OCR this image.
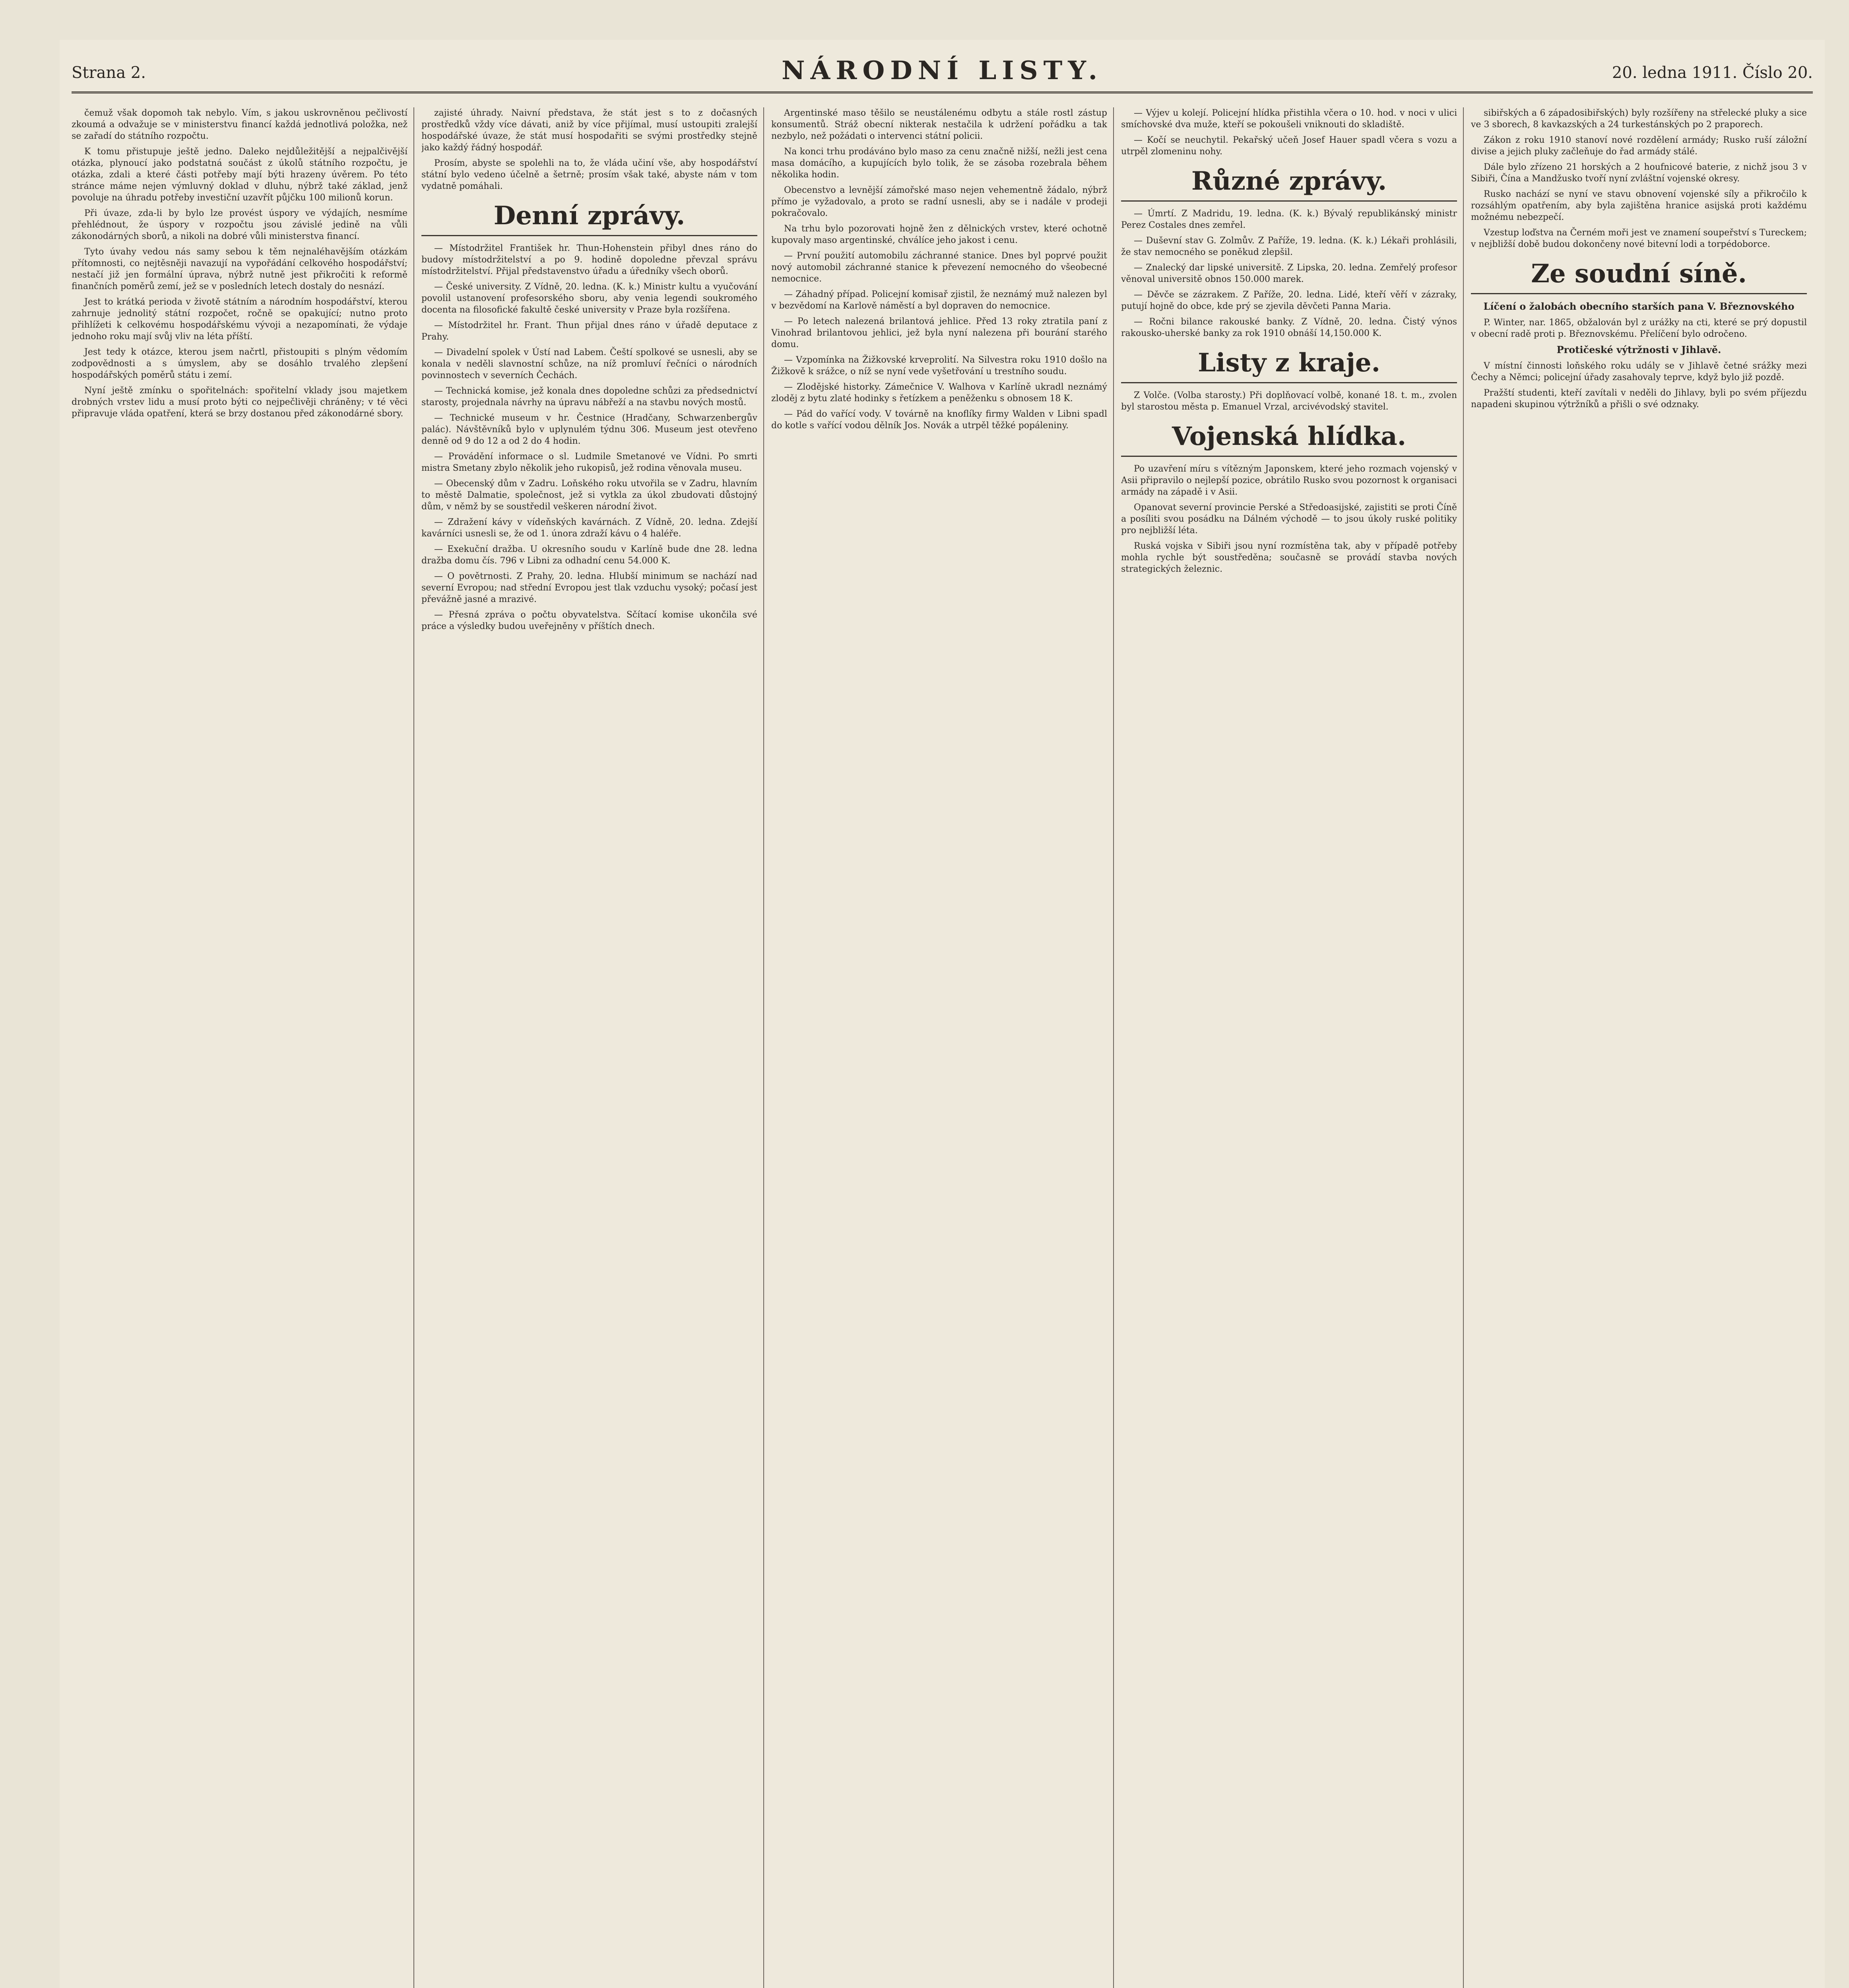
Strana 2.	NÁRODNÍ LISTY.	20. ledna 1911. Číslo 20.

čemuž však dopomoh tak nebylo. Vím, s jakou uskrovněnou pečlivostí zkoumá a odvažuje se v ministerstvu financí každá jednotlivá položka, než se zařadí do státního rozpočtu.

K tomu přistupuje ještě jedno. Daleko nejdůležitější a nejpalčivější otázka, plynoucí jako podstatná součást z úkolů státního rozpočtu, je otázka, zdali a které části potřeby mají býti hrazeny úvěrem. Po této stránce máme nejen výmluvný doklad v dluhu, nýbrž také základ, jenž povoluje na úhradu potřeby investiční uzavřít půjčku 100 milionů korun.

Při úvaze, zda-li by bylo lze provést úspory ve výdajích, nesmíme přehlédnout, že úspory v rozpočtu jsou závislé jedině na vůli zákonodárných sborů, a nikoli na dobré vůli ministerstva financí.

Tyto úvahy vedou nás samy sebou k těm nejnaléhavějším otázkám přítomnosti, co nejtěsněji navazují na vypořádání celkového hospodářství; nestačí již jen formální úprava, nýbrž nutně jest přikročiti k reformě finančních poměrů zemí, jež se v posledních letech dostaly do nesnází.

Jest to krátká perioda v životě státním a národním hospodářství, kterou zahrnuje jednolitý státní rozpočet, ročně se opakující; nutno proto přihlížeti k celkovému hospodářskému vývoji a nezapomínati, že výdaje jednoho roku mají svůj vliv na léta příští.

Jest tedy k otázce, kterou jsem načrtl, přistoupiti s plným vědomím zodpovědnosti a s úmyslem, aby se dosáhlo trvalého zlepšení hospodářských poměrů státu i zemí.

Nyní ještě zmínku o spořitelnách: spořitelní vklady jsou majetkem drobných vrstev lidu a musí proto býti co nejpečlivěji chráněny; v té věci připravuje vláda opatření, která se brzy dostanou před zákonodárné sbory.

zajisté úhrady. Naivní představa, že stát jest s to z dočasných prostředků vždy více dávati, aniž by více přijímal, musí ustoupiti zralejší hospodářské úvaze, že stát musí hospodařiti se svými prostředky stejně jako každý řádný hospodář.

Prosím, abyste se spolehli na to, že vláda učiní vše, aby hospodářství státní bylo vedeno účelně a šetrně; prosím však také, abyste nám v tom vydatně pomáhali.

Denní zprávy.

— Místodržitel František hr. Thun-Hohenstein přibyl dnes ráno do budovy místodržitelství a po 9. hodině dopoledne převzal správu místodržitelství. Přijal představenstvo úřadu a úředníky všech oborů.

— České university. Z Vídně, 20. ledna. (K. k.) Ministr kultu a vyučování povolil ustanovení profesorského sboru, aby venia legendi soukromého docenta na filosofické fakultě české university v Praze byla rozšířena.

— Místodržitel hr. Frant. Thun přijal dnes ráno v úřadě deputace z Prahy.

— Divadelní spolek v Ústí nad Labem. Čeští spolkové se usnesli, aby se konala v neděli slavnostní schůze, na níž promluví řečníci o národních povinnostech v severních Čechách.

— Technická komise, jež konala dnes dopoledne schůzi za předsednictví starosty, projednala návrhy na úpravu nábřeží a na stavbu nových mostů.

— Technické museum v hr. Čestnice (Hradčany, Schwarzenbergův palác). Návštěvníků bylo v uplynulém týdnu 306. Museum jest otevřeno denně od 9 do 12 a od 2 do 4 hodin.

— Provádění informace o sl. Ludmile Smetanové ve Vídni. Po smrti mistra Smetany zbylo několik jeho rukopisů, jež rodina věnovala museu.

— Obecenský dům v Zadru. Loňského roku utvořila se v Zadru, hlavním to městě Dalmatie, společnost, jež si vytkla za úkol zbudovati důstojný dům, v němž by se soustředil veškeren národní život.

— Zdražení kávy v vídeňských kavárnách. Z Vídně, 20. ledna. Zdejší kavárníci usnesli se, že od 1. února zdraží kávu o 4 haléře.

— Exekuční dražba. U okresního soudu v Karlíně bude dne 28. ledna dražba domu čís. 796 v Libni za odhadní cenu 54.000 K.

— O povětrnosti. Z Prahy, 20. ledna. Hlubší minimum se nachází nad severní Evropou; nad střední Evropou jest tlak vzduchu vysoký; počasí jest převážně jasné a mrazivé.

— Přesná zpráva o počtu obyvatelstva. Sčítací komise ukončila své práce a výsledky budou uveřejněny v příštích dnech.

Argentinské maso těšilo se neustálenému odbytu a stále rostl zástup konsumentů. Stráž obecní nikterak nestačila k udržení pořádku a tak nezbylo, než požádati o intervenci státní policii.

Na konci trhu prodáváno bylo maso za cenu značně nižší, nežli jest cena masa domácího, a kupujících bylo tolik, že se zásoba rozebrala během několika hodin.

Obecenstvo a levnější zámořské maso nejen vehementně žádalo, nýbrž přímo je vyžadovalo, a proto se radní usnesli, aby se i nadále v prodeji pokračovalo.

Na trhu bylo pozorovati hojně žen z dělnických vrstev, které ochotně kupovaly maso argentinské, chválíce jeho jakost i cenu.

— První použití automobilu záchranné stanice. Dnes byl poprvé použit nový automobil záchranné stanice k převezení nemocného do všeobecné nemocnice.

— Záhadný případ. Policejní komisař zjistil, že neznámý muž nalezen byl v bezvědomí na Karlově náměstí a byl dopraven do nemocnice.

— Po letech nalezená brilantová jehlice. Před 13 roky ztratila paní z Vinohrad brilantovou jehlici, jež byla nyní nalezena při bourání starého domu.

— Vzpomínka na Žižkovské krveprolití. Na Silvestra roku 1910 došlo na Žižkově k srážce, o níž se nyní vede vyšetřování u trestního soudu.

— Zlodějské historky. Zámečnice V. Walhova v Karlíně ukradl neznámý zloděj z bytu zlaté hodinky s řetízkem a peněženku s obnosem 18 K.

— Pád do vařící vody. V továrně na knoflíky firmy Walden v Libni spadl do kotle s vařící vodou dělník Jos. Novák a utrpěl těžké popáleniny.

— Výjev u kolejí. Policejní hlídka přistihla včera o 10. hod. v noci v ulici smíchovské dva muže, kteří se pokoušeli vniknouti do skladiště.

— Kočí se neuchytil. Pekařský učeň Josef Hauer spadl včera s vozu a utrpěl zlomeninu nohy.

Různé zprávy.

— Úmrtí. Z Madridu, 19. ledna. (K. k.) Bývalý republikánský ministr Perez Costales dnes zemřel.

— Duševní stav G. Zolmův. Z Paříže, 19. ledna. (K. k.) Lékaři prohlásili, že stav nemocného se poněkud zlepšil.

— Znalecký dar lipské universitě. Z Lipska, 20. ledna. Zemřelý profesor věnoval universitě obnos 150.000 marek.

— Děvče se zázrakem. Z Paříže, 20. ledna. Lidé, kteří věří v zázraky, putují hojně do obce, kde prý se zjevila děvčeti Panna Maria.

— Ročni bilance rakouské banky. Z Vídně, 20. ledna. Čistý výnos rakousko-uherské banky za rok 1910 obnáší 14,150.000 K.

Listy z kraje.

Z Volče. (Volba starosty.) Při doplňovací volbě, konané 18. t. m., zvolen byl starostou města p. Emanuel Vrzal, arcivévodský stavitel.

Vojenská hlídka.

Po uzavření míru s vítězným Japonskem, které jeho rozmach vojenský v Asii připravilo o nejlepší pozice, obrátilo Rusko svou pozornost k organisaci armády na západě i v Asii.

Opanovat severní provincie Perské a Středoasijské, zajistiti se proti Číně a posíliti svou posádku na Dálném východě — to jsou úkoly ruské politiky pro nejbližší léta.

Ruská vojska v Sibiři jsou nyní rozmístěna tak, aby v případě potřeby mohla rychle být soustředěna; současně se provádí stavba nových strategických železnic.

sibiřských a 6 západosibiřských) byly rozšířeny na střelecké pluky a sice ve 3 sborech, 8 kavkazských a 24 turkestánských po 2 praporech.

Zákon z roku 1910 stanoví nové rozdělení armády; Rusko ruší záložní divise a jejich pluky začleňuje do řad armády stálé.

Dále bylo zřízeno 21 horských a 2 houfnicové baterie, z nichž jsou 3 v Sibiři, Čína a Mandžusko tvoří nyní zvláštní vojenské okresy.

Rusko nachází se nyní ve stavu obnovení vojenské síly a přikročilo k rozsáhlým opatřením, aby byla zajištěna hranice asijská proti každému možnému nebezpečí.

Vzestup loďstva na Černém moři jest ve znamení soupeřství s Tureckem; v nejbližší době budou dokončeny nové bitevní lodi a torpédoborce.

Ze soudní síně.
Líčení o žalobách obecního starších pana V. Březnovského

P. Winter, nar. 1865, obžalován byl z urážky na cti, které se prý dopustil v obecní radě proti p. Březnovskému. Přelíčení bylo odročeno.

Protičeské výtržnosti v Jihlavě.

V místní činnosti loňského roku udály se v Jihlavě četné srážky mezi Čechy a Němci; policejní úřady zasahovaly teprve, když bylo již pozdě.

Pražští studenti, kteří zavítali v neděli do Jihlavy, byli po svém příjezdu napadeni skupinou výtržníků a přišli o své odznaky.
